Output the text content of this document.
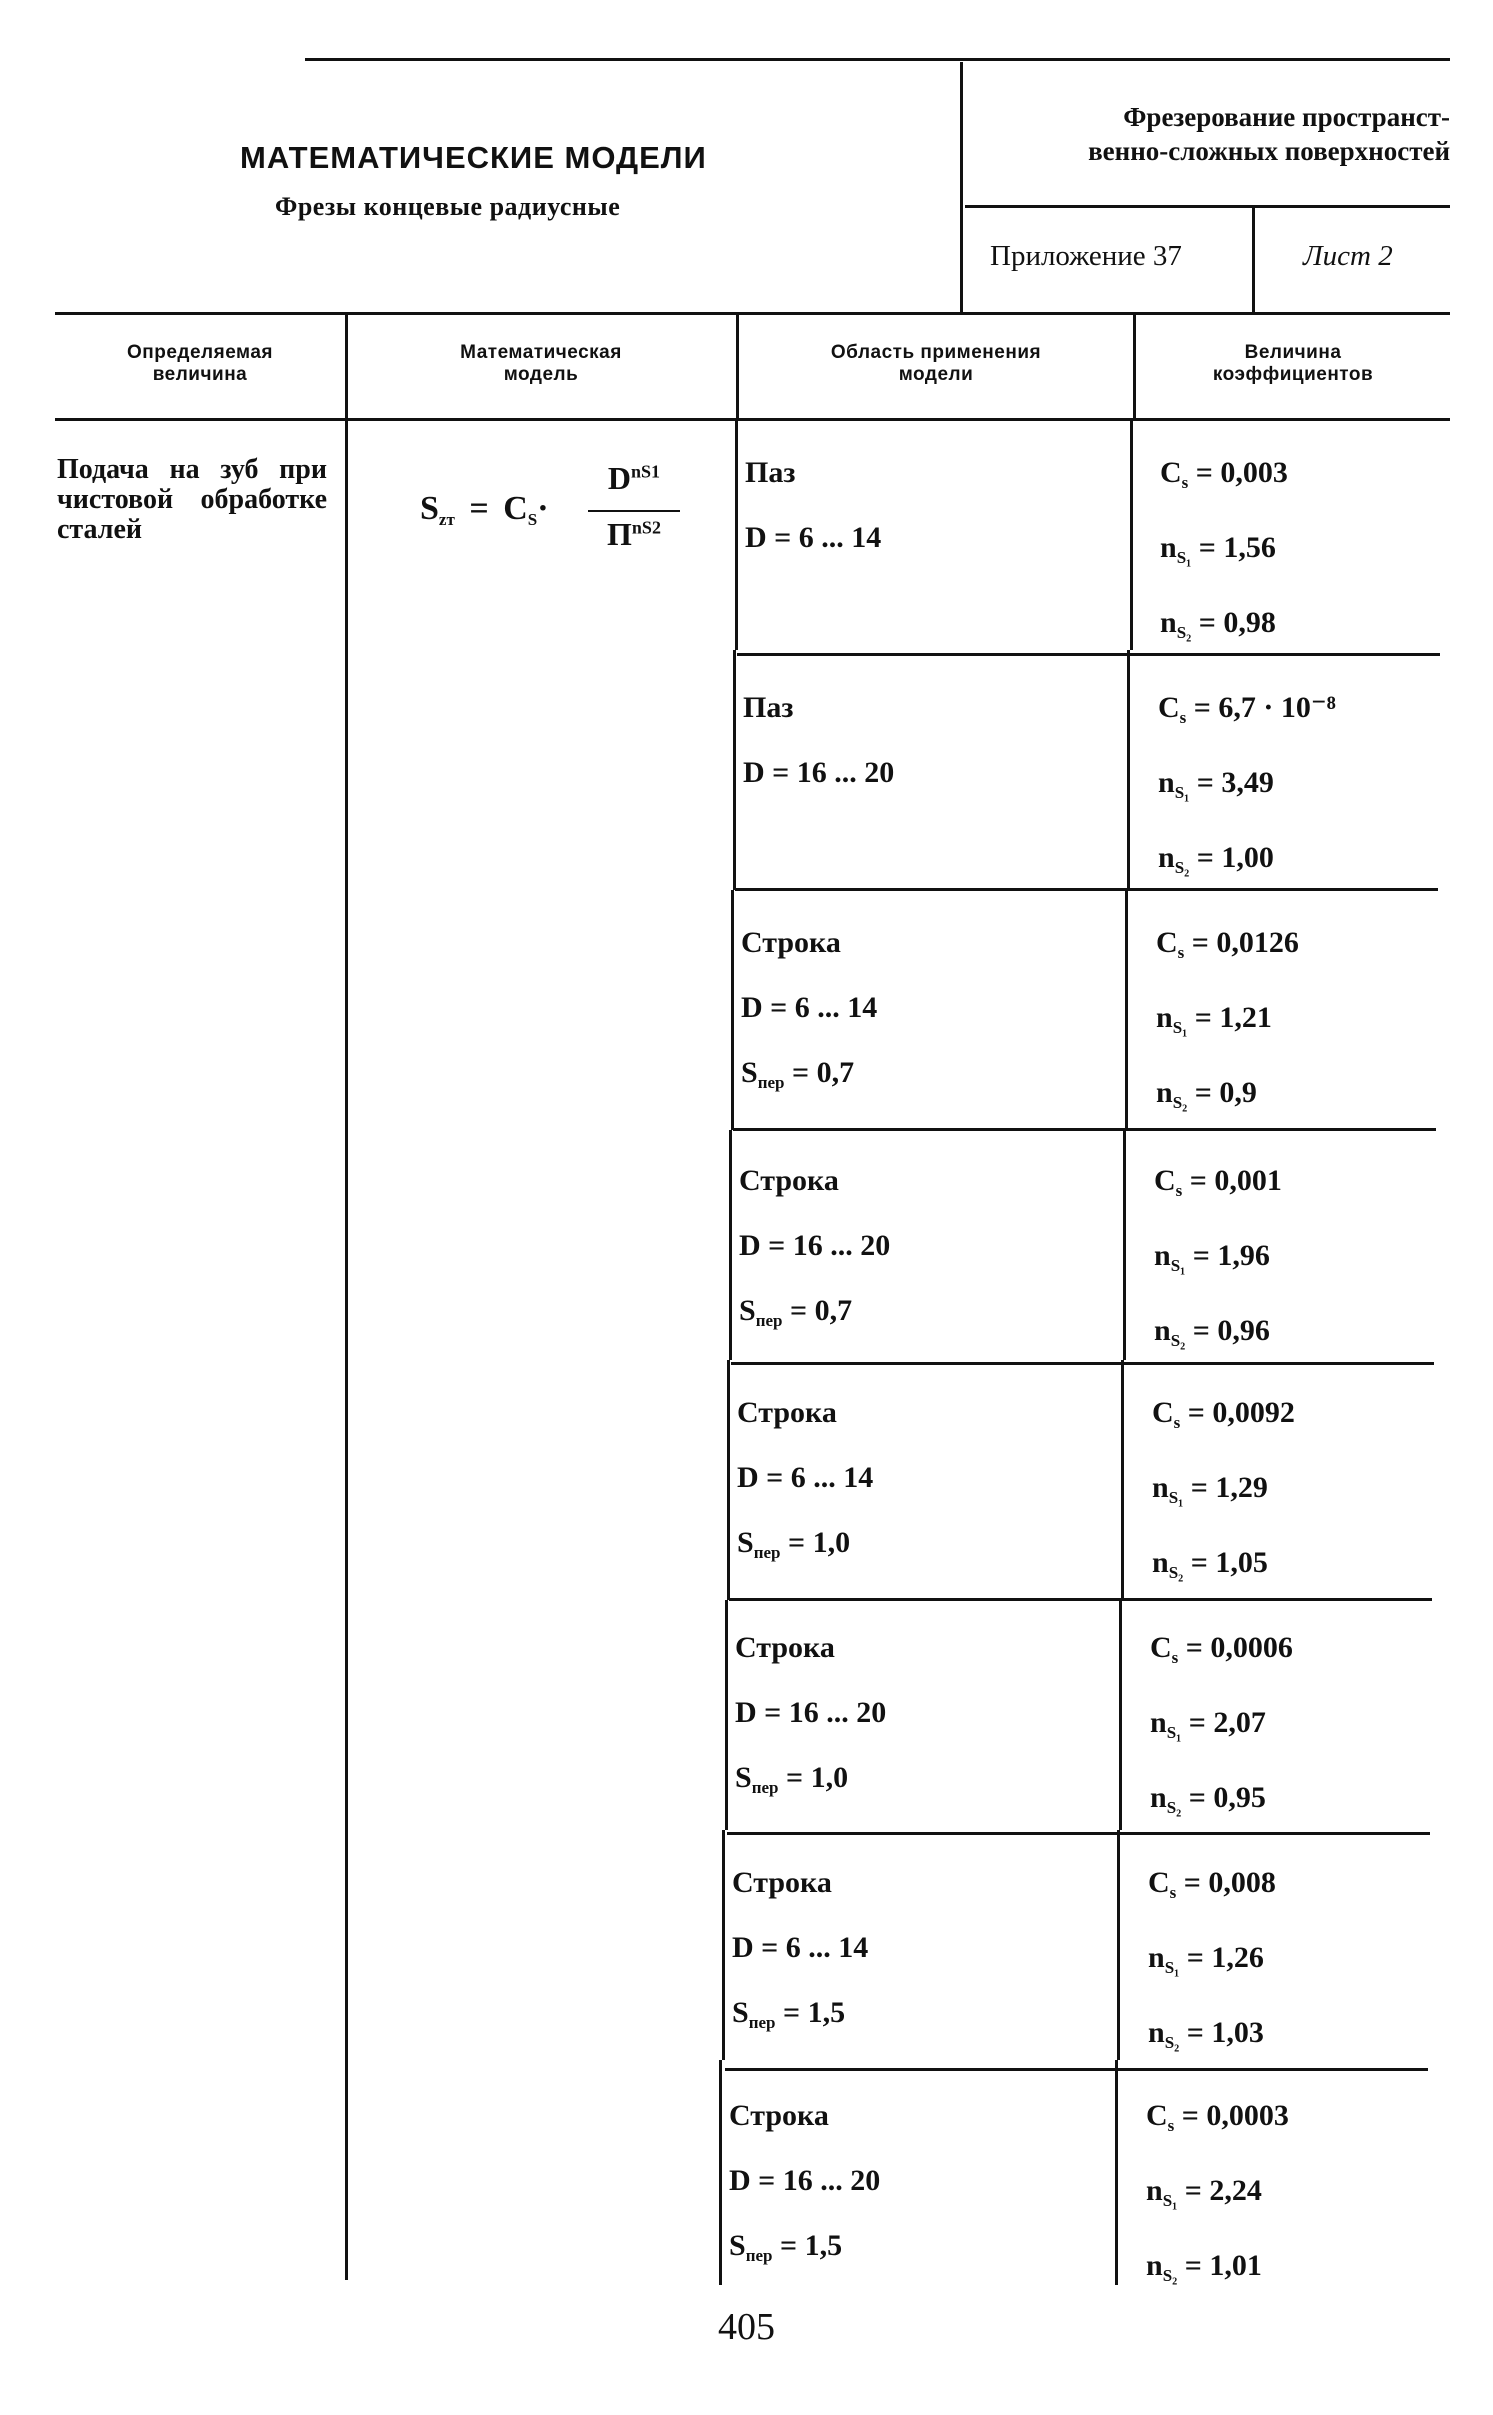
МАТЕМАТИЧЕСКИЕ МОДЕЛИ
Фрезы концевые радиусные
Фрезерование пространст-
венно-сложных поверхностей
Приложение 37	Лист 2
Определяемая
величина
Математическая
модель
Область применения
модели
Величина
коэффициентов
Подача на зуб при чистовой обработке сталей
$S_{zт} = C_S\cdot$
$D^{nS1}$
$П^{nS2}$
Паз
D = 6 ... 14
$C_s = 0,003$
$n_{S_1} = 1,56$
$n_{S_2} = 0,98$
Паз
D = 16 ... 20
$C_s = 6,7 \cdot 10^{-8}$
$n_{S_1} = 3,49$
$n_{S_2} = 1,00$
Строка
D = 6 ... 14
$S_{пер} = 0,7$
$C_s = 0,0126$
$n_{S_1} = 1,21$
$n_{S_2} = 0,9$
Строка
D = 16 ... 20
$S_{пер} = 0,7$
$C_s = 0,001$
$n_{S_1} = 1,96$
$n_{S_2} = 0,96$
Строка
D = 6 ... 14
$S_{пер} = 1,0$
$C_s = 0,0092$
$n_{S_1} = 1,29$
$n_{S_2} = 1,05$
Строка
D = 16 ... 20
$S_{пер} = 1,0$
$C_s = 0,0006$
$n_{S_1} = 2,07$
$n_{S_2} = 0,95$
Строка
D = 6 ... 14
$S_{пер} = 1,5$
$C_s = 0,008$
$n_{S_1} = 1,26$
$n_{S_2} = 1,03$
Строка
D = 16 ... 20
$S_{пер} = 1,5$
$C_s = 0,0003$
$n_{S_1} = 2,24$
$n_{S_2} = 1,01$
405
